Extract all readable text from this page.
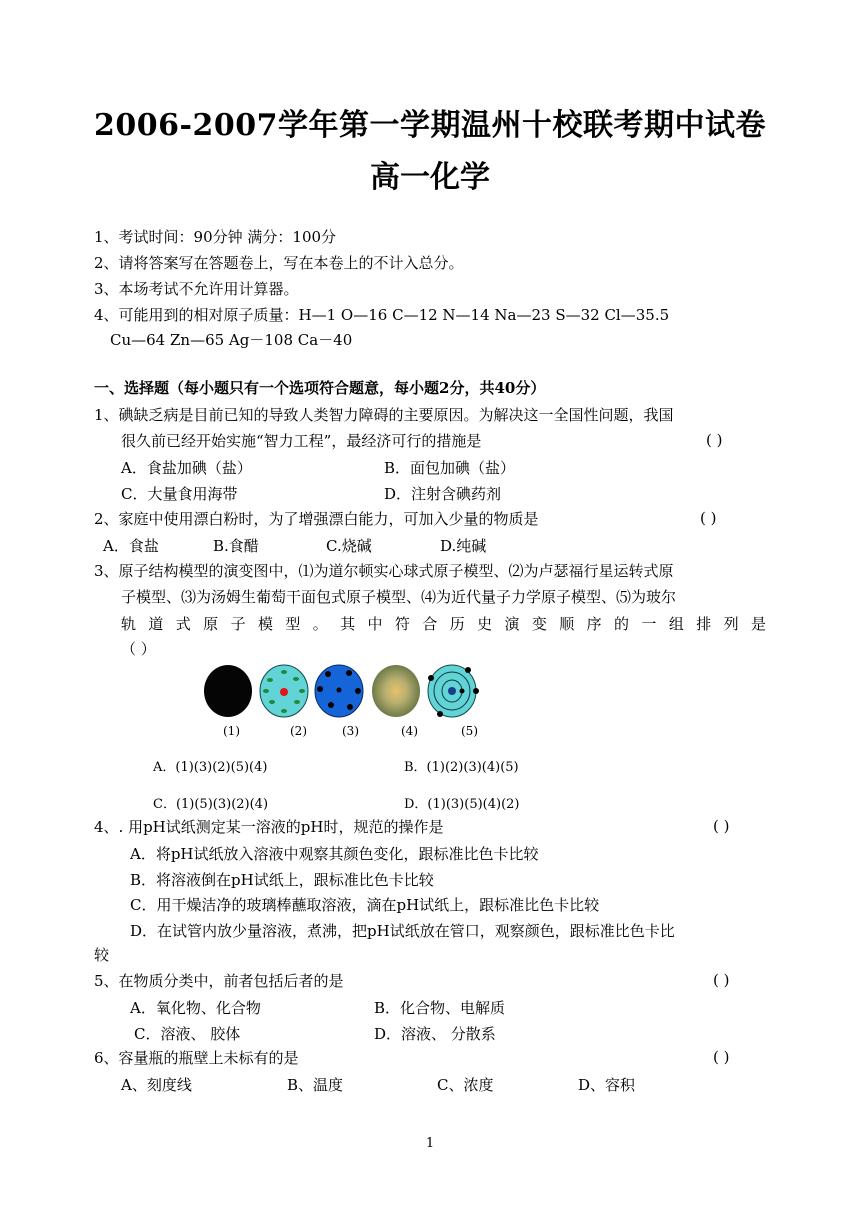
2006-2007学年第一学期温州十校联考期中试卷
高一化学
1、考试时间：90分钟 满分：100分
2、请将答案写在答题卷上，写在本卷上的不计入总分。
3、本场考试不允许用计算器。
4、可能用到的相对原子质量：H—1 O—16 C—12 N—14 Na—23 S—32 Cl—35.5
Cu—64 Zn—65 Ag－108 Ca－40
一、选择题（每小题只有一个选项符合题意，每小题2分，共40分）
1、碘缺乏病是目前已知的导致人类智力障碍的主要原因。为解决这一全国性问题，我国
很久前已经开始实施“智力工程”，最经济可行的措施是	( )
A．食盐加碘（盐）	B．面包加碘（盐）
C．大量食用海带	D．注射含碘药剂
2、家庭中使用漂白粉时，为了增强漂白能力，可加入少量的物质是	( )
A．食盐	B.食醋	C.烧碱	D.纯碱
3、原子结构模型的演变图中，⑴为道尔顿实心球式原子模型、⑵为卢瑟福行星运转式原
子模型、⑶为汤姆生葡萄干面包式原子模型、⑷为近代量子力学原子模型、⑸为玻尔
轨道式原子模型。其中符合历史演变顺序的一组排列是
（ ）
(1)	(2)	(3)	(4)	(5)
A．(1)(3)(2)(5)(4)	B．(1)(2)(3)(4)(5)
C．(1)(5)(3)(2)(4)	D．(1)(3)(5)(4)(2)
4、. 用pH试纸测定某一溶液的pH时，规范的操作是	( )
A．将pH试纸放入溶液中观察其颜色变化，跟标准比色卡比较
B．将溶液倒在pH试纸上，跟标准比色卡比较
C．用干燥洁净的玻璃棒蘸取溶液，滴在pH试纸上，跟标准比色卡比较
D．在试管内放少量溶液，煮沸，把pH试纸放在管口，观察颜色，跟标准比色卡比
较
5、在物质分类中，前者包括后者的是	( )
A．氧化物、化合物	B．化合物、电解质
C．溶液、 胶体	D．溶液、 分散系
6、容量瓶的瓶壁上未标有的是	( )
A、刻度线	B、温度	C、浓度	D、容积
1
